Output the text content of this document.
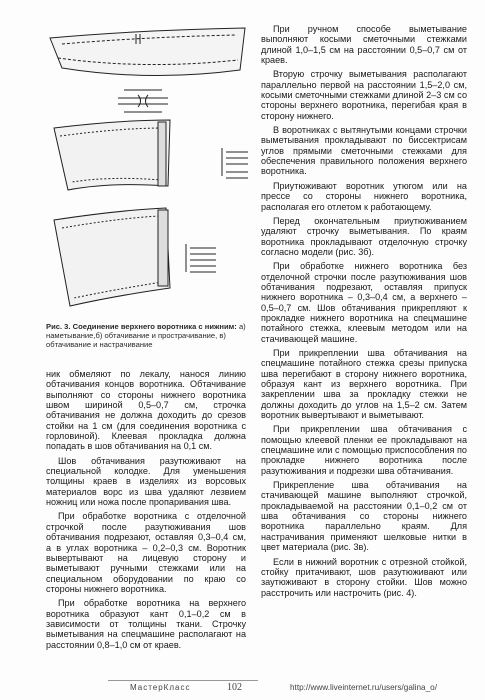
Рис. 3. Соединение верхнего воротника с нижним: а) наметывание,б) обтачивание и прострачивание, в) обтачивание и настрачивание

ник обмеляют по лекалу, нанося линию обтачивания концов воротника. Обтачивание выполняют со стороны нижнего воротника швом шириной 0,5–0,7 см, строчка обтачивания не должна доходить до срезов стойки на 1 см (для соединения воротника с горловиной). Клеевая прокладка должна попадать в шов обтачивания на 0,1 см.

Шов обтачивания разутюживают на специальной колодке. Для уменьшения толщины краев в изделиях из ворсовых материалов ворс из шва удаляют лезвием ножниц или ножа после пропаривания шва.

При обработке воротника с отделочной строчкой после разутюживания шов обтачивания подрезают, оставляя 0,3–0,4 см, а в углах воротника – 0,2–0,3 см. Воротник вывертывают на лицевую сторону и выметывают ручными стежками или на специальном оборудовании по краю со стороны нижнего воротника.

При обработке воротника на верхнего воротника образуют кант 0,1–0,2 см в зависимости от толщины ткани. Строчку выметывания на спецмашине располагают на расстоянии 0,8–1,0 см от краев.

При ручном способе выметывание выполняют косыми сметочными стежками длиной 1,0–1,5 см на расстоянии 0,5–0,7 см от краев.

Вторую строчку выметывания располагают параллельно первой на расстоянии 1,5–2,0 см, косыми сметочными стежками длиной 2–3 см со стороны верхнего воротника, перегибая края в сторону нижнего.

В воротниках с вытянутыми концами строчки выметывания прокладывают по биссектрисам углов прямыми сметочными стежками для обеспечения правильного положения верхнего воротника.

Приутюживают воротник утюгом или на прессе со стороны нижнего воротника, располагая его отлетом к работающему.

Перед окончательным приутюживанием удаляют строчку выметывания. По краям воротника прокладывают отделочную строчку согласно модели (рис. 3б).

При обработке нижнего воротника без отделочной строчки после разутюживания шов обтачивания подрезают, оставляя припуск нижнего воротника – 0,3–0,4 см, а верхнего – 0,5–0,7 см. Шов обтачивания прикрепляют к прокладке нижнего воротника на спецмашине потайного стежка, клеевым методом или на стачивающей машине.

При прикреплении шва обтачивания на спецмашине потайного стежка срезы припуска шва перегибают в сторону нижнего воротника, образуя кант из верхнего воротника. При закреплении шва за прокладку стежки не должны доходить до углов на 1,5–2 см. Затем воротник вывертывают и выметывают.

При прикреплении шва обтачивания с помощью клеевой пленки ее прокладывают на спецмашине или с помощью приспособления по прокладке нижнего воротника после разутюживания и подрезки шва обтачивания.

Прикрепление шва обтачивания на стачивающей машине выполняют строчкой, прокладываемой на расстоянии 0,1–0,2 см от шва обтачивания со стороны нижнего воротника параллельно краям. Для настрачивания применяют шелковые нитки в цвет материала (рис. 3в).

Если в нижний воротник с отрезной стойкой, стойку притачивают, шов разутюживают или заутюживают в сторону стойки. Шов можно расстрочить или настрочить (рис. 4).

МастерКласс	102	http://www.liveinternet.ru/users/galina_o/
